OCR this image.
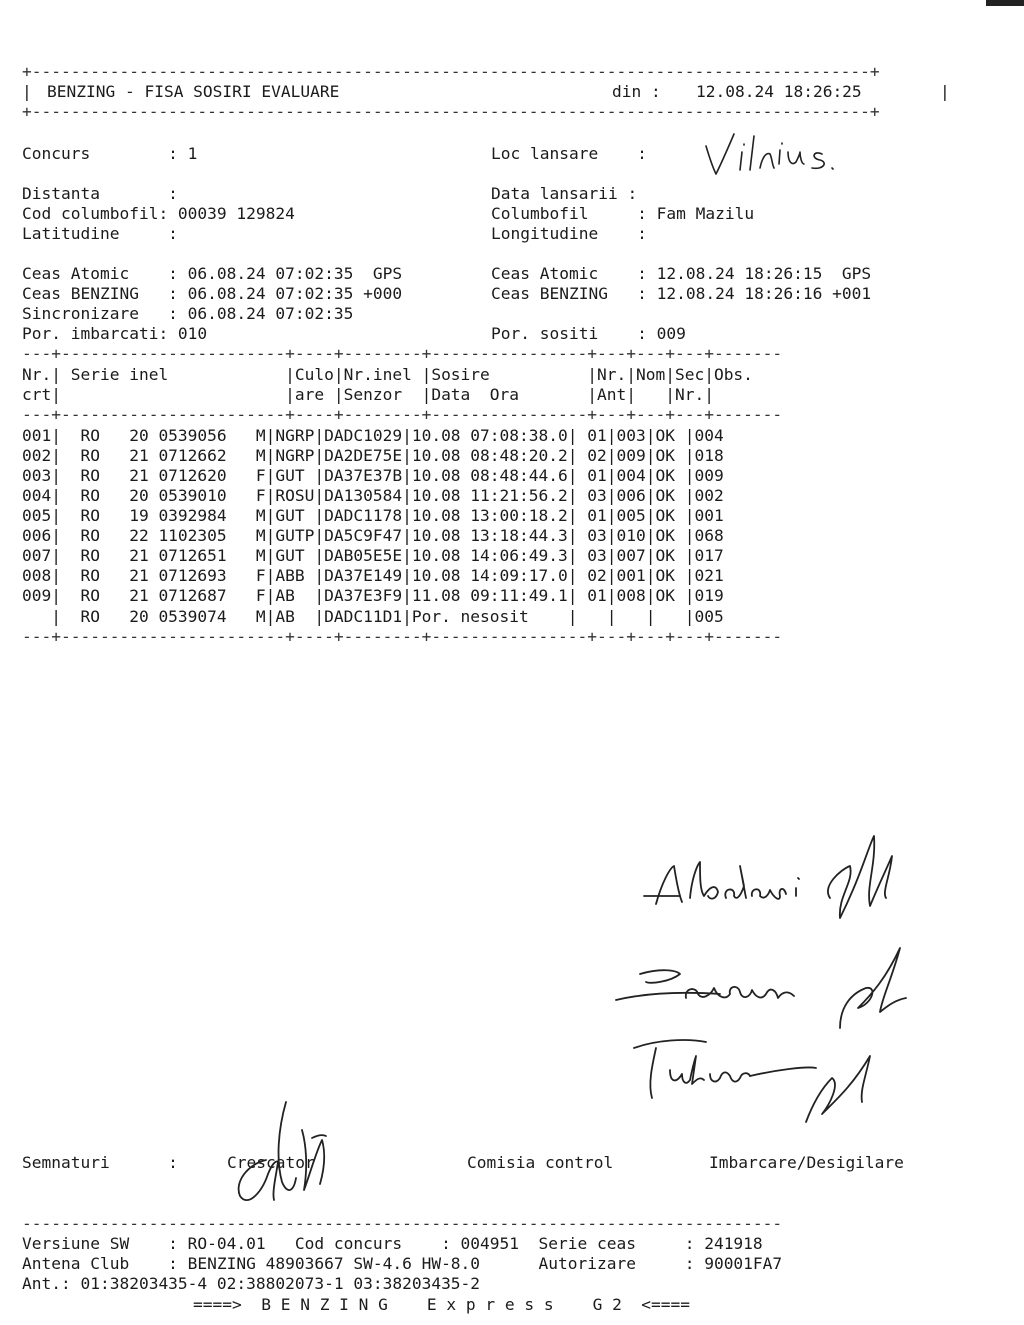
+--------------------------------------------------------------------------------------+
| BENZING - FISA SOSIRI EVALUARE	din : 12.08.24 18:26:25	|
+--------------------------------------------------------------------------------------+
Concurs        : 1	Loc lansare    :
Distanta       :	Data lansarii :
Cod columbofil: 00039 129824	Columbofil     : Fam Mazilu
Latitudine     :	Longitudine    :
Ceas Atomic    : 06.08.24 07:02:35  GPS	Ceas Atomic    : 12.08.24 18:26:15  GPS
Ceas BENZING   : 06.08.24 07:02:35 +000	Ceas BENZING   : 12.08.24 18:26:16 +001
Sincronizare   : 06.08.24 07:02:35
Por. imbarcati: 010	Por. sositi    : 009
---+-----------------------+----+--------+----------------+---+---+---+-------
Nr.| Serie inel            |Culo|Nr.inel |Sosire          |Nr.|Nom|Sec|Obs.
crt|                       |are |Senzor  |Data  Ora       |Ant|   |Nr.|
---+-----------------------+----+--------+----------------+---+---+---+-------
001|  RO   20 0539056   M|NGRP|DADC1029|10.08 07:08:38.0| 01|003|OK |004
002|  RO   21 0712662   M|NGRP|DA2DE75E|10.08 08:48:20.2| 02|009|OK |018
003|  RO   21 0712620   F|GUT |DA37E37B|10.08 08:48:44.6| 01|004|OK |009
004|  RO   20 0539010   F|ROSU|DA130584|10.08 11:21:56.2| 03|006|OK |002
005|  RO   19 0392984   M|GUT |DADC1178|10.08 13:00:18.2| 01|005|OK |001
006|  RO   22 1102305   M|GUTP|DA5C9F47|10.08 13:18:44.3| 03|010|OK |068
007|  RO   21 0712651   M|GUT |DAB05E5E|10.08 14:06:49.3| 03|007|OK |017
008|  RO   21 0712693   F|ABB |DA37E149|10.08 14:09:17.0| 02|001|OK |021
009|  RO   21 0712687   F|AB  |DA37E3F9|11.08 09:11:49.1| 01|008|OK |019
|  RO   20 0539074   M|AB  |DADC11D1|Por. nesosit    |   |   |   |005
---+-----------------------+----+--------+----------------+---+---+---+-------
Semnaturi      :	Crescator	Comisia control	Imbarcare/Desigilare
------------------------------------------------------------------------------
Versiune SW    : RO-04.01   Cod concurs    : 004951  Serie ceas     : 241918
Antena Club    : BENZING 48903667 SW-4.6 HW-8.0      Autorizare     : 90001FA7
Ant.: 01:38203435-4 02:38802073-1 03:38203435-2
====>  B E N Z I N G    E x p r e s s    G 2  <====
